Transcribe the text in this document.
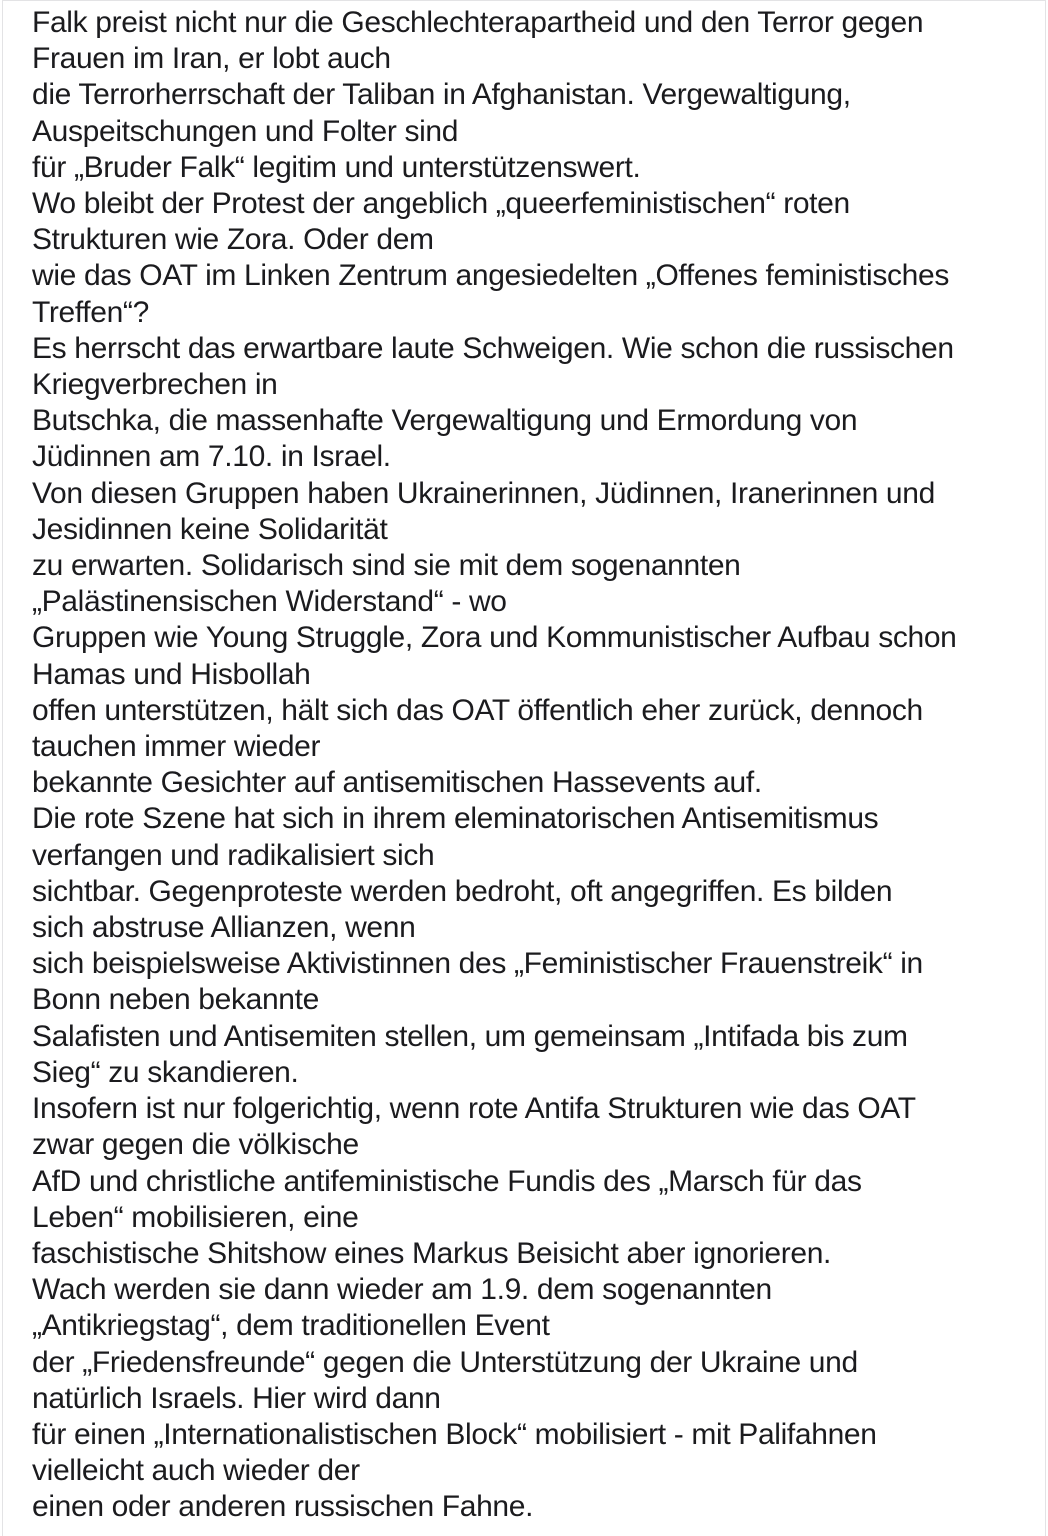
Falk preist nicht nur die Geschlechterapartheid und den Terror gegen
Frauen im Iran, er lobt auch
die Terrorherrschaft der Taliban in Afghanistan. Vergewaltigung,
Auspeitschungen und Folter sind
für „Bruder Falk“ legitim und unterstützenswert.
Wo bleibt der Protest der angeblich „queerfeministischen“ roten
Strukturen wie Zora. Oder dem
wie das OAT im Linken Zentrum angesiedelten „Offenes feministisches
Treffen“?
Es herrscht das erwartbare laute Schweigen. Wie schon die russischen
Kriegverbrechen in
Butschka, die massenhafte Vergewaltigung und Ermordung von
Jüdinnen am 7.10. in Israel.
Von diesen Gruppen haben Ukrainerinnen, Jüdinnen, Iranerinnen und
Jesidinnen keine Solidarität
zu erwarten. Solidarisch sind sie mit dem sogenannten
„Palästinensischen Widerstand“ - wo
Gruppen wie Young Struggle, Zora und Kommunistischer Aufbau schon
Hamas und Hisbollah
offen unterstützen, hält sich das OAT öffentlich eher zurück, dennoch
tauchen immer wieder
bekannte Gesichter auf antisemitischen Hassevents auf.
Die rote Szene hat sich in ihrem eleminatorischen Antisemitismus
verfangen und radikalisiert sich
sichtbar. Gegenproteste werden bedroht, oft angegriffen. Es bilden
sich abstruse Allianzen, wenn
sich beispielsweise Aktivistinnen des „Feministischer Frauenstreik“ in
Bonn neben bekannte
Salafisten und Antisemiten stellen, um gemeinsam „Intifada bis zum
Sieg“ zu skandieren.
Insofern ist nur folgerichtig, wenn rote Antifa Strukturen wie das OAT
zwar gegen die völkische
AfD und christliche antifeministische Fundis des „Marsch für das
Leben“ mobilisieren, eine
faschistische Shitshow eines Markus Beisicht aber ignorieren.
Wach werden sie dann wieder am 1.9. dem sogenannten
„Antikriegstag“, dem traditionellen Event
der „Friedensfreunde“ gegen die Unterstützung der Ukraine und
natürlich Israels. Hier wird dann
für einen „Internationalistischen Block“ mobilisiert - mit Palifahnen
vielleicht auch wieder der
einen oder anderen russischen Fahne.
